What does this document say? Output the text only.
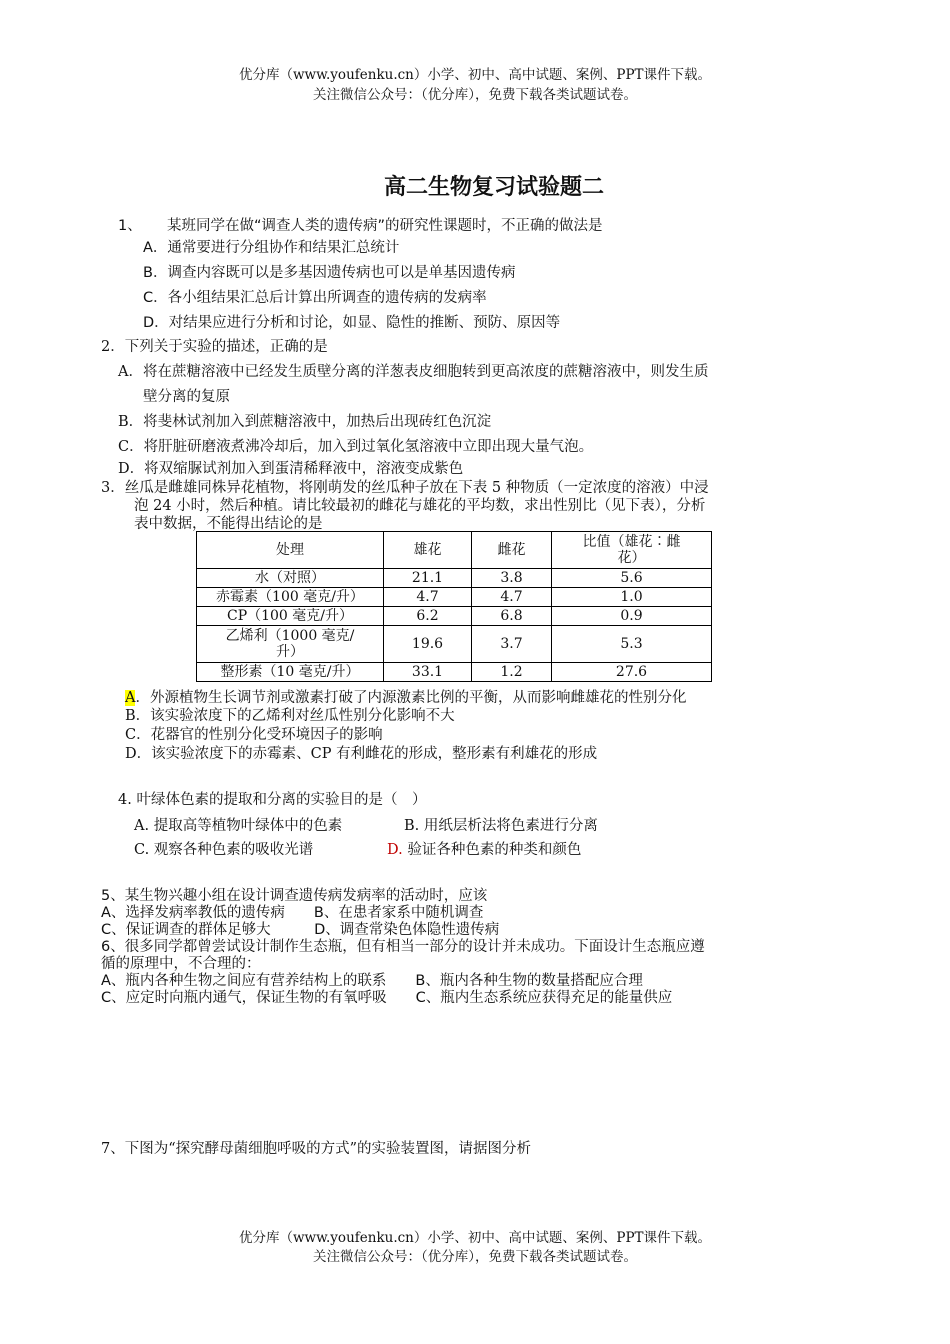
优分库（www.youfenku.cn）小学、初中、高中试题、案例、PPT课件下载。
关注微信公众号：（优分库），免费下载各类试题试卷。
高二生物复习试验题二
1、 某班同学在做“调查人类的遗传病”的研究性课题时，不正确的做法是
A．通常要进行分组协作和结果汇总统计
B．调查内容既可以是多基因遗传病也可以是单基因遗传病
C．各小组结果汇总后计算出所调查的遗传病的发病率
D．对结果应进行分析和讨论，如显、隐性的推断、预防、原因等
2．下列关于实验的描述，正确的是
A．将在蔗糖溶液中已经发生质壁分离的洋葱表皮细胞转到更高浓度的蔗糖溶液中，则发生质
壁分离的复原
B．将斐林试剂加入到蔗糖溶液中，加热后出现砖红色沉淀
C．将肝脏研磨液煮沸冷却后，加入到过氧化氢溶液中立即出现大量气泡。
D．将双缩脲试剂加入到蛋清稀释液中，溶液变成紫色
3．丝瓜是雌雄同株异花植物，将刚萌发的丝瓜种子放在下表 5 种物质（一定浓度的溶液）中浸
泡 24 小时，然后种植。请比较最初的雌花与雄花的平均数，求出性别比（见下表），分析
表中数据，不能得出结论的是
处理	雄花	雌花	比值（雄花∶雌
花）
水（对照）	21.1	3.8	5.6
赤霉素（100 毫克/升）	4.7	4.7	1.0
CP（100 毫克/升）	6.2	6.8	0.9
乙烯利（1000 毫克/
升）	19.6	3.7	5.3
整形素（10 毫克/升）	33.1	1.2	27.6
A．外源植物生长调节剂或激素打破了内源激素比例的平衡，从而影响雌雄花的性别分化
B．该实验浓度下的乙烯利对丝瓜性别分化影响不大
C．花器官的性别分化受环境因子的影响
D．该实验浓度下的赤霉素、CP 有利雌花的形成，整形素有利雄花的形成
4. 叶绿体色素的提取和分离的实验目的是（　）
A. 提取高等植物叶绿体中的色素	B. 用纸层析法将色素进行分离
C. 观察各种色素的吸收光谱	D. 验证各种色素的种类和颜色
5、某生物兴趣小组在设计调查遗传病发病率的活动时，应该
A、选择发病率教低的遗传病　　B、在患者家系中随机调查
C、保证调查的群体足够大　　　D、调查常染色体隐性遗传病
6、很多同学都曾尝试设计制作生态瓶，但有相当一部分的设计并未成功。下面设计生态瓶应遵
循的原理中，不合理的：
A、瓶内各种生物之间应有营养结构上的联系　　B、瓶内各种生物的数量搭配应合理
C、应定时向瓶内通气，保证生物的有氧呼吸　　C、瓶内生态系统应获得充足的能量供应
7、下图为“探究酵母菌细胞呼吸的方式”的实验装置图，请据图分析
优分库（www.youfenku.cn）小学、初中、高中试题、案例、PPT课件下载。
关注微信公众号：（优分库），免费下载各类试题试卷。
